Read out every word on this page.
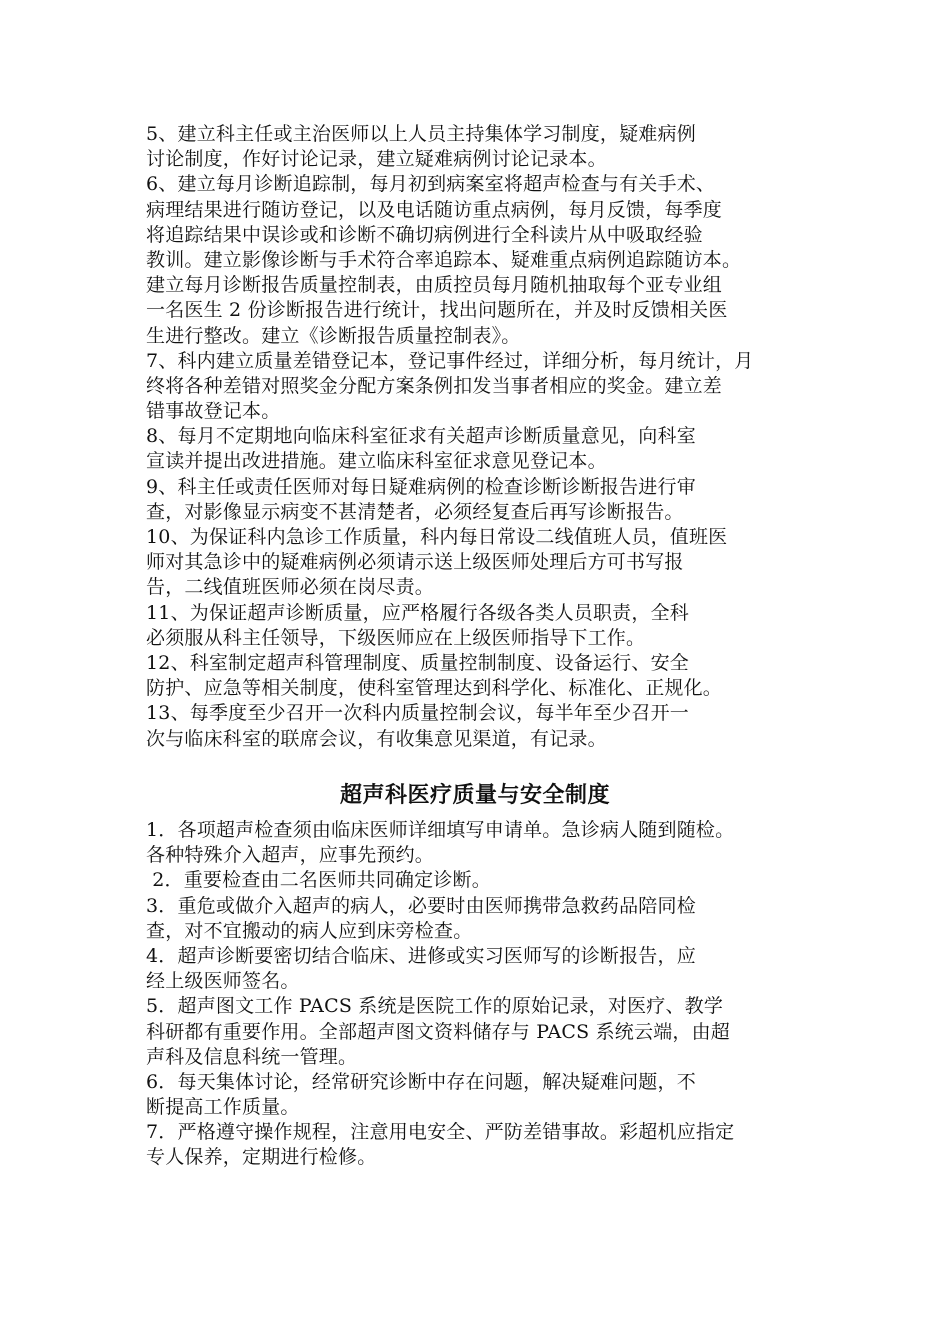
5、建立科主任或主治医师以上人员主持集体学习制度，疑难病例
讨论制度，作好讨论记录，建立疑难病例讨论记录本。
6、建立每月诊断追踪制，每月初到病案室将超声检查与有关手术、
病理结果进行随访登记，以及电话随访重点病例，每月反馈，每季度
将追踪结果中误诊或和诊断不确切病例进行全科读片从中吸取经验
教训。建立影像诊断与手术符合率追踪本、疑难重点病例追踪随访本。
建立每月诊断报告质量控制表，由质控员每月随机抽取每个亚专业组
一名医生 2 份诊断报告进行统计，找出问题所在，并及时反馈相关医
生进行整改。建立《诊断报告质量控制表》。
7、科内建立质量差错登记本，登记事件经过，详细分析，每月统计，月
终将各种差错对照奖金分配方案条例扣发当事者相应的奖金。建立差
错事故登记本。
8、每月不定期地向临床科室征求有关超声诊断质量意见，向科室
宣读并提出改进措施。建立临床科室征求意见登记本。
9、科主任或责任医师对每日疑难病例的检查诊断诊断报告进行审
查，对影像显示病变不甚清楚者，必须经复查后再写诊断报告。
10、为保证科内急诊工作质量，科内每日常设二线值班人员，值班医
师对其急诊中的疑难病例必须请示送上级医师处理后方可书写报
告，二线值班医师必须在岗尽责。
11、为保证超声诊断质量，应严格履行各级各类人员职责，全科
必须服从科主任领导，下级医师应在上级医师指导下工作。
12、科室制定超声科管理制度、质量控制制度、设备运行、安全
防护、应急等相关制度，使科室管理达到科学化、标准化、正规化。
13、每季度至少召开一次科内质量控制会议，每半年至少召开一
次与临床科室的联席会议，有收集意见渠道，有记录。
超声科医疗质量与安全制度
1．各项超声检查须由临床医师详细填写申请单。急诊病人随到随检。
各种特殊介入超声，应事先预约。
2．重要检查由二名医师共同确定诊断。
3．重危或做介入超声的病人，必要时由医师携带急救药品陪同检
查，对不宜搬动的病人应到床旁检查。
4．超声诊断要密切结合临床、进修或实习医师写的诊断报告，应
经上级医师签名。
5．超声图文工作 PACS 系统是医院工作的原始记录，对医疗、教学
科研都有重要作用。全部超声图文资料储存与 PACS 系统云端，由超
声科及信息科统一管理。
6．每天集体讨论，经常研究诊断中存在问题，解决疑难问题，不
断提高工作质量。
7．严格遵守操作规程，注意用电安全、严防差错事故。彩超机应指定
专人保养，定期进行检修。
